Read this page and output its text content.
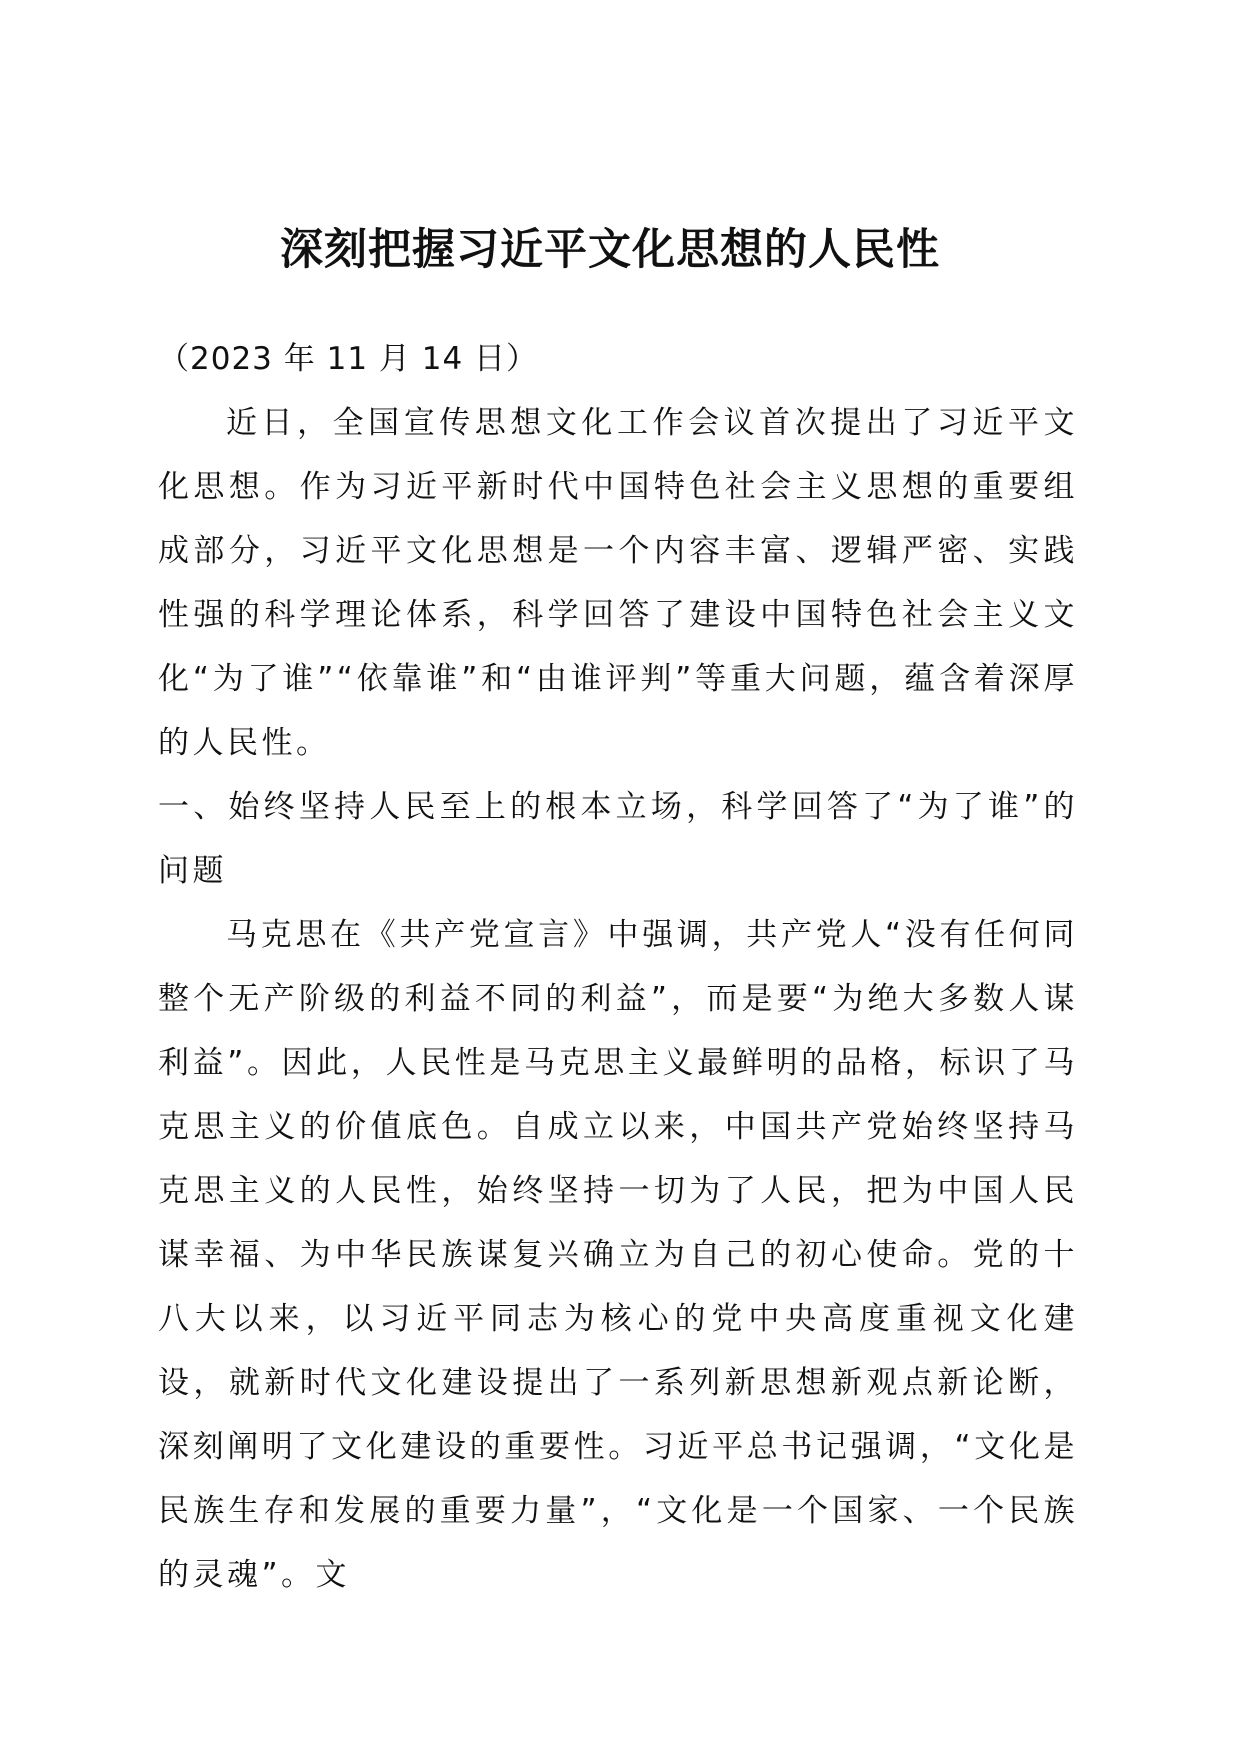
深刻把握习近平文化思想的人民性

（2023 年 11 月 14 日）

近日，全国宣传思想文化工作会议首次提出了习近平文化思想。作为习近平新时代中国特色社会主义思想的重要组成部分，习近平文化思想是一个内容丰富、逻辑严密、实践性强的科学理论体系，科学回答了建设中国特色社会主义文化“为了谁”“依靠谁”和“由谁评判”等重大问题，蕴含着深厚的人民性。

一、始终坚持人民至上的根本立场，科学回答了“为了谁”的问题

马克思在《共产党宣言》中强调，共产党人“没有任何同整个无产阶级的利益不同的利益”，而是要“为绝大多数人谋利益”。因此，人民性是马克思主义最鲜明的品格，标识了马克思主义的价值底色。自成立以来，中国共产党始终坚持马克思主义的人民性，始终坚持一切为了人民，把为中国人民谋幸福、为中华民族谋复兴确立为自己的初心使命。党的十八大以来，以习近平同志为核心的党中央高度重视文化建设，就新时代文化建设提出了一系列新思想新观点新论断，深刻阐明了文化建设的重要性。习近平总书记强调，“文化是民族生存和发展的重要力量”，“文化是一个国家、一个民族的灵魂”。文
